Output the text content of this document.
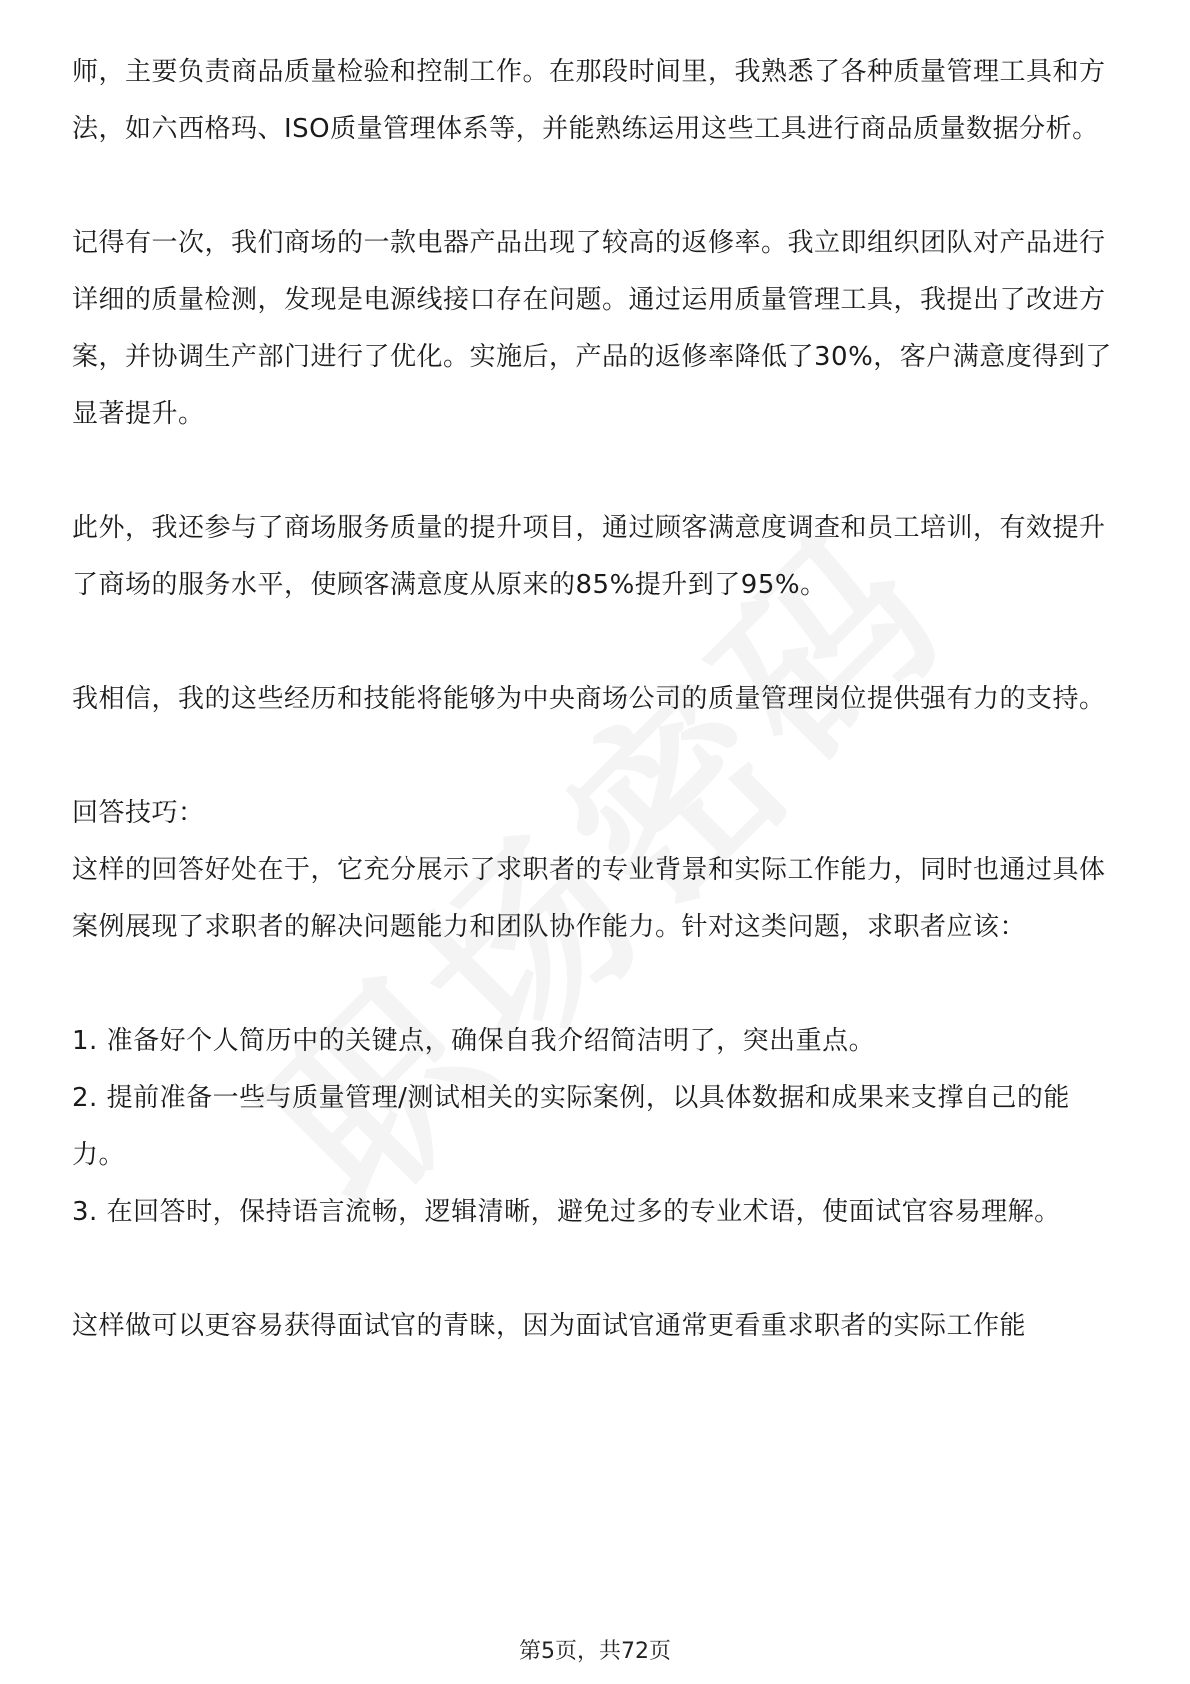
师，主要负责商品质量检验和控制工作。在那段时间里，我熟悉了各种质量管理工具和方法，如六西格玛、ISO质量管理体系等，并能熟练运用这些工具进行商品质量数据分析。

记得有一次，我们商场的一款电器产品出现了较高的返修率。我立即组织团队对产品进行详细的质量检测，发现是电源线接口存在问题。通过运用质量管理工具，我提出了改进方案，并协调生产部门进行了优化。实施后，产品的返修率降低了30%，客户满意度得到了显著提升。

此外，我还参与了商场服务质量的提升项目，通过顾客满意度调查和员工培训，有效提升了商场的服务水平，使顾客满意度从原来的85%提升到了95%。

我相信，我的这些经历和技能将能够为中央商场公司的质量管理岗位提供强有力的支持。

回答技巧：

这样的回答好处在于，它充分展示了求职者的专业背景和实际工作能力，同时也通过具体案例展现了求职者的解决问题能力和团队协作能力。针对这类问题，求职者应该：

1. 准备好个人简历中的关键点，确保自我介绍简洁明了，突出重点。

2. 提前准备一些与质量管理/测试相关的实际案例，以具体数据和成果来支撑自己的能力。

3. 在回答时，保持语言流畅，逻辑清晰，避免过多的专业术语，使面试官容易理解。

这样做可以更容易获得面试官的青睐，因为面试官通常更看重求职者的实际工作能

第5页，共72页
